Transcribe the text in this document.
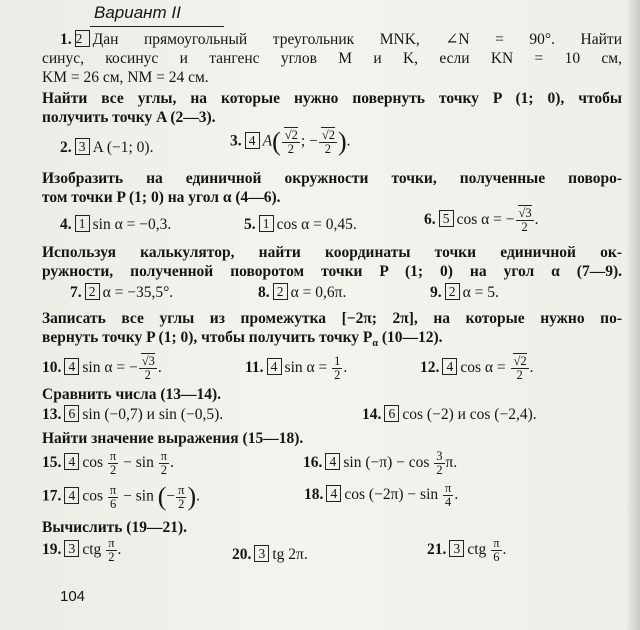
Вариант II
1. 2 Дан прямоугольный треугольник MNK, ∠N = 90°. Найти
синус, косинус и тангенс углов M и K, если KN = 10 см,
KM = 26 см, NM = 24 см.
Найти все углы, на которые нужно повернуть точку P (1; 0), чтобы
получить точку A (2—3).
2. 3 A (−1; 0).	3. 4 $A( \frac{√2}{2}$ ; − $\frac{√2}{2}$ ).
Изобразить на единичной окружности точки, полученные поворо-
том точки P (1; 0) на угол α (4—6).
4. 1 sin α = −0,3.	5. 1 cos α = 0,45.	6. 5 cos α = − $\frac{√3}{2}$ .
Используя калькулятор, найти координаты точки единичной ок-
ружности, полученной поворотом точки P (1; 0) на угол α (7—9).
7. 2 α = −35,5°.	8. 2 α = 0,6π.	9. 2 α = 5.
Записать все углы из промежутка [−2π; 2π], на которые нужно по-
вернуть точку P (1; 0), чтобы получить точку $P_\alpha$ (10—12).
10. 4 sin α = − $\frac{√3}{2}$ .	11. 4 $\sin \alpha = \frac{1}{2}$ .	12. 4 $\cos \alpha = \frac{√2}{2}$ .
Сравнить числа (13—14).
13. 6 sin (−0,7) и sin (−0,5).	14. 6 cos (−2) и cos (−2,4).
Найти значение выражения (15—18).
15. 4 $\cos \frac{\pi}{2} - \sin \frac{\pi}{2}$ .	16. 4 $\sin (-\pi) - \cos \frac{3}{2} \pi$.
17. 4 $\cos \frac{\pi}{6} - \sin$ (− $\frac{\pi}{2}$ ).	18. 4 $\cos (-2\pi) - \sin \frac{\pi}{4}$ .
Вычислить (19—21).
19. 3 ctg $\frac{\pi}{2}$ .	20. 3 tg 2π.	21. 3 ctg $\frac{\pi}{6}$ .
104
